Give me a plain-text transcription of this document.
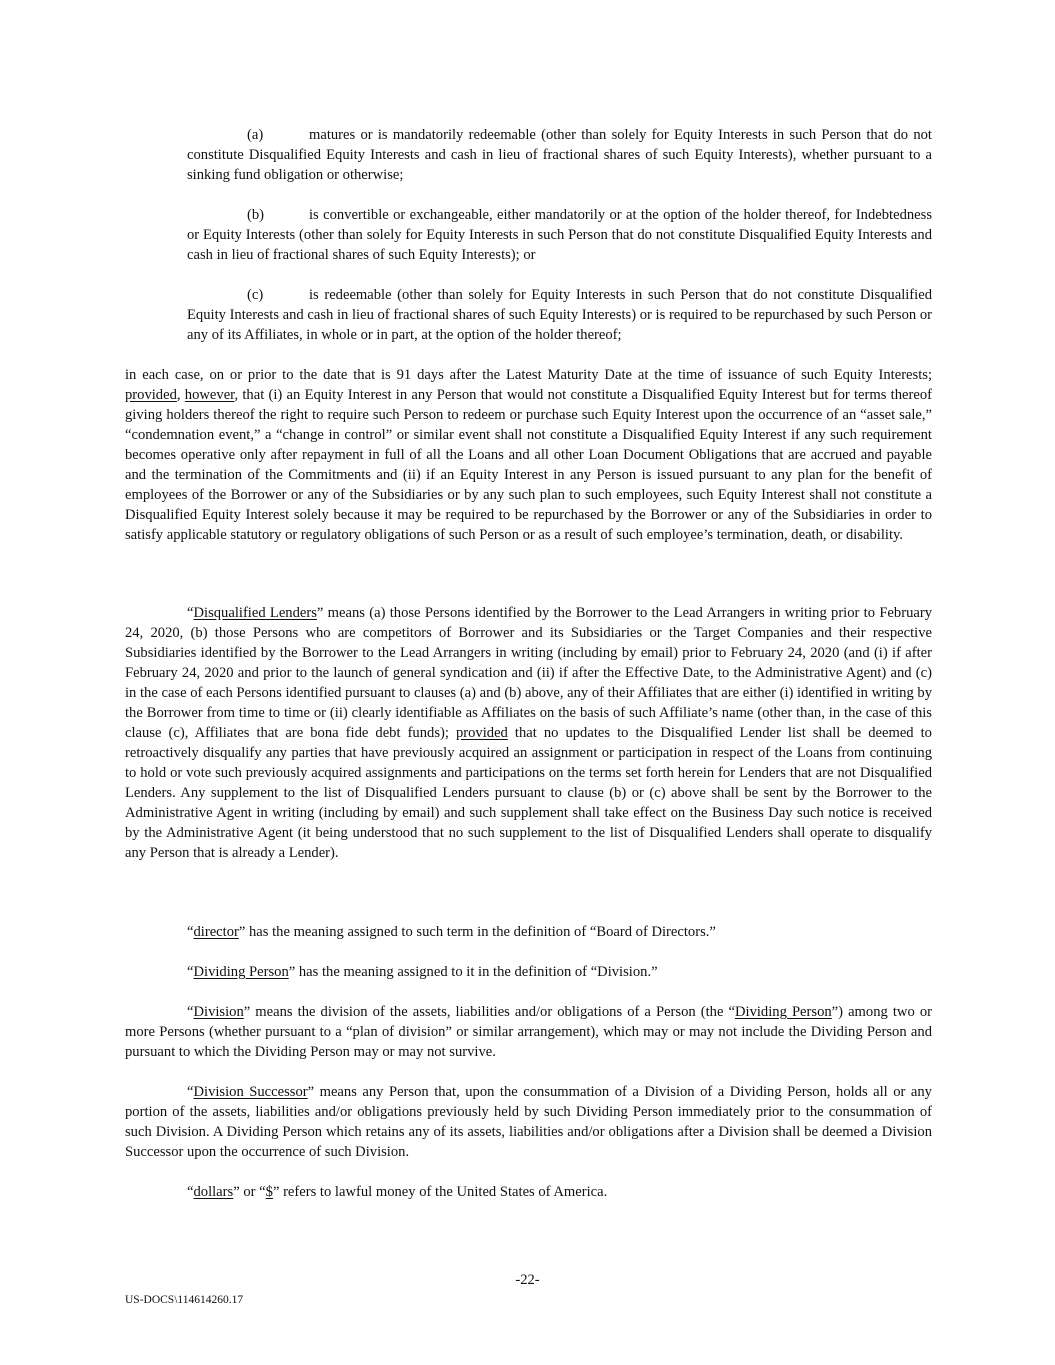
(a)	matures or is mandatorily redeemable (other than solely for Equity Interests in such Person that do not constitute Disqualified Equity Interests and cash in lieu of fractional shares of such Equity Interests), whether pursuant to a sinking fund obligation or otherwise;

(b)	is convertible or exchangeable, either mandatorily or at the option of the holder thereof, for Indebtedness or Equity Interests (other than solely for Equity Interests in such Person that do not constitute Disqualified Equity Interests and cash in lieu of fractional shares of such Equity Interests); or

(c)	is redeemable (other than solely for Equity Interests in such Person that do not constitute Disqualified Equity Interests and cash in lieu of fractional shares of such Equity Interests) or is required to be repurchased by such Person or any of its Affiliates, in whole or in part, at the option of the holder thereof;

in each case, on or prior to the date that is 91 days after the Latest Maturity Date at the time of issuance of such Equity Interests; provided, however, that (i) an Equity Interest in any Person that would not constitute a Disqualified Equity Interest but for terms thereof giving holders thereof the right to require such Person to redeem or purchase such Equity Interest upon the occurrence of an “asset sale,” “condemnation event,” a “change in control” or similar event shall not constitute a Disqualified Equity Interest if any such requirement becomes operative only after repayment in full of all the Loans and all other Loan Document Obligations that are accrued and payable and the termination of the Commitments and (ii) if an Equity Interest in any Person is issued pursuant to any plan for the benefit of employees of the Borrower or any of the Subsidiaries or by any such plan to such employees, such Equity Interest shall not constitute a Disqualified Equity Interest solely because it may be required to be repurchased by the Borrower or any of the Subsidiaries in order to satisfy applicable statutory or regulatory obligations of such Person or as a result of such employee’s termination, death, or disability.

“Disqualified Lenders” means (a) those Persons identified by the Borrower to the Lead Arrangers in writing prior to February 24, 2020, (b) those Persons who are competitors of Borrower and its Subsidiaries or the Target Companies and their respective Subsidiaries identified by the Borrower to the Lead Arrangers in writing (including by email) prior to February 24, 2020 (and (i) if after February 24, 2020 and prior to the launch of general syndication and (ii) if after the Effective Date, to the Administrative Agent) and (c) in the case of each Persons identified pursuant to clauses (a) and (b) above, any of their Affiliates that are either (i) identified in writing by the Borrower from time to time or (ii) clearly identifiable as Affiliates on the basis of such Affiliate’s name (other than, in the case of this clause (c), Affiliates that are bona fide debt funds); provided that no updates to the Disqualified Lender list shall be deemed to retroactively disqualify any parties that have previously acquired an assignment or participation in respect of the Loans from continuing to hold or vote such previously acquired assignments and participations on the terms set forth herein for Lenders that are not Disqualified Lenders. Any supplement to the list of Disqualified Lenders pursuant to clause (b) or (c) above shall be sent by the Borrower to the Administrative Agent in writing (including by email) and such supplement shall take effect on the Business Day such notice is received by the Administrative Agent (it being understood that no such supplement to the list of Disqualified Lenders shall operate to disqualify any Person that is already a Lender).

“director” has the meaning assigned to such term in the definition of “Board of Directors.”

“Dividing Person” has the meaning assigned to it in the definition of “Division.”

“Division” means the division of the assets, liabilities and/or obligations of a Person (the “Dividing Person”) among two or more Persons (whether pursuant to a “plan of division” or similar arrangement), which may or may not include the Dividing Person and pursuant to which the Dividing Person may or may not survive.

“Division Successor” means any Person that, upon the consummation of a Division of a Dividing Person, holds all or any portion of the assets, liabilities and/or obligations previously held by such Dividing Person immediately prior to the consummation of such Division. A Dividing Person which retains any of its assets, liabilities and/or obligations after a Division shall be deemed a Division Successor upon the occurrence of such Division.

“dollars” or “$” refers to lawful money of the United States of America.

-22-

US-DOCS\114614260.17
